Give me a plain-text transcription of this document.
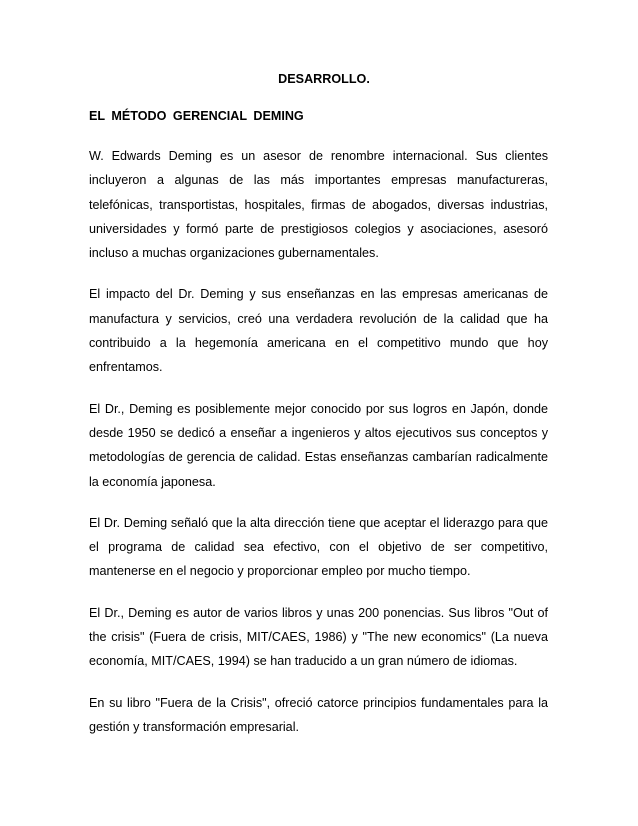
DESARROLLO.
EL MÉTODO GERENCIAL DEMING

W. Edwards Deming es un asesor de renombre internacional. Sus clientes incluyeron a algunas de las más importantes empresas manufactureras, telefónicas, transportistas, hospitales, firmas de abogados, diversas industrias, universidades y formó parte de prestigiosos colegios y asociaciones, asesoró incluso a muchas organizaciones gubernamentales.

El impacto del Dr. Deming y sus enseñanzas en las empresas americanas de manufactura y servicios, creó una verdadera revolución de la calidad que ha contribuido a la hegemonía americana en el competitivo mundo que hoy enfrentamos.

El Dr., Deming es posiblemente mejor conocido por sus logros en Japón, donde desde 1950 se dedicó a enseñar a ingenieros y altos ejecutivos sus conceptos y metodologías de gerencia de calidad. Estas enseñanzas cambarían radicalmente la economía japonesa.

El Dr. Deming señaló que la alta dirección tiene que aceptar el liderazgo para que el programa de calidad sea efectivo, con el objetivo de ser competitivo, mantenerse en el negocio y proporcionar empleo por mucho tiempo.

El Dr., Deming es autor de varios libros y unas 200 ponencias. Sus libros "Out of the crisis" (Fuera de crisis, MIT/CAES, 1986) y "The new economics" (La nueva economía, MIT/CAES, 1994) se han traducido a un gran número de idiomas.

En su libro "Fuera de la Crisis", ofreció catorce principios fundamentales para la gestión y transformación empresarial.
